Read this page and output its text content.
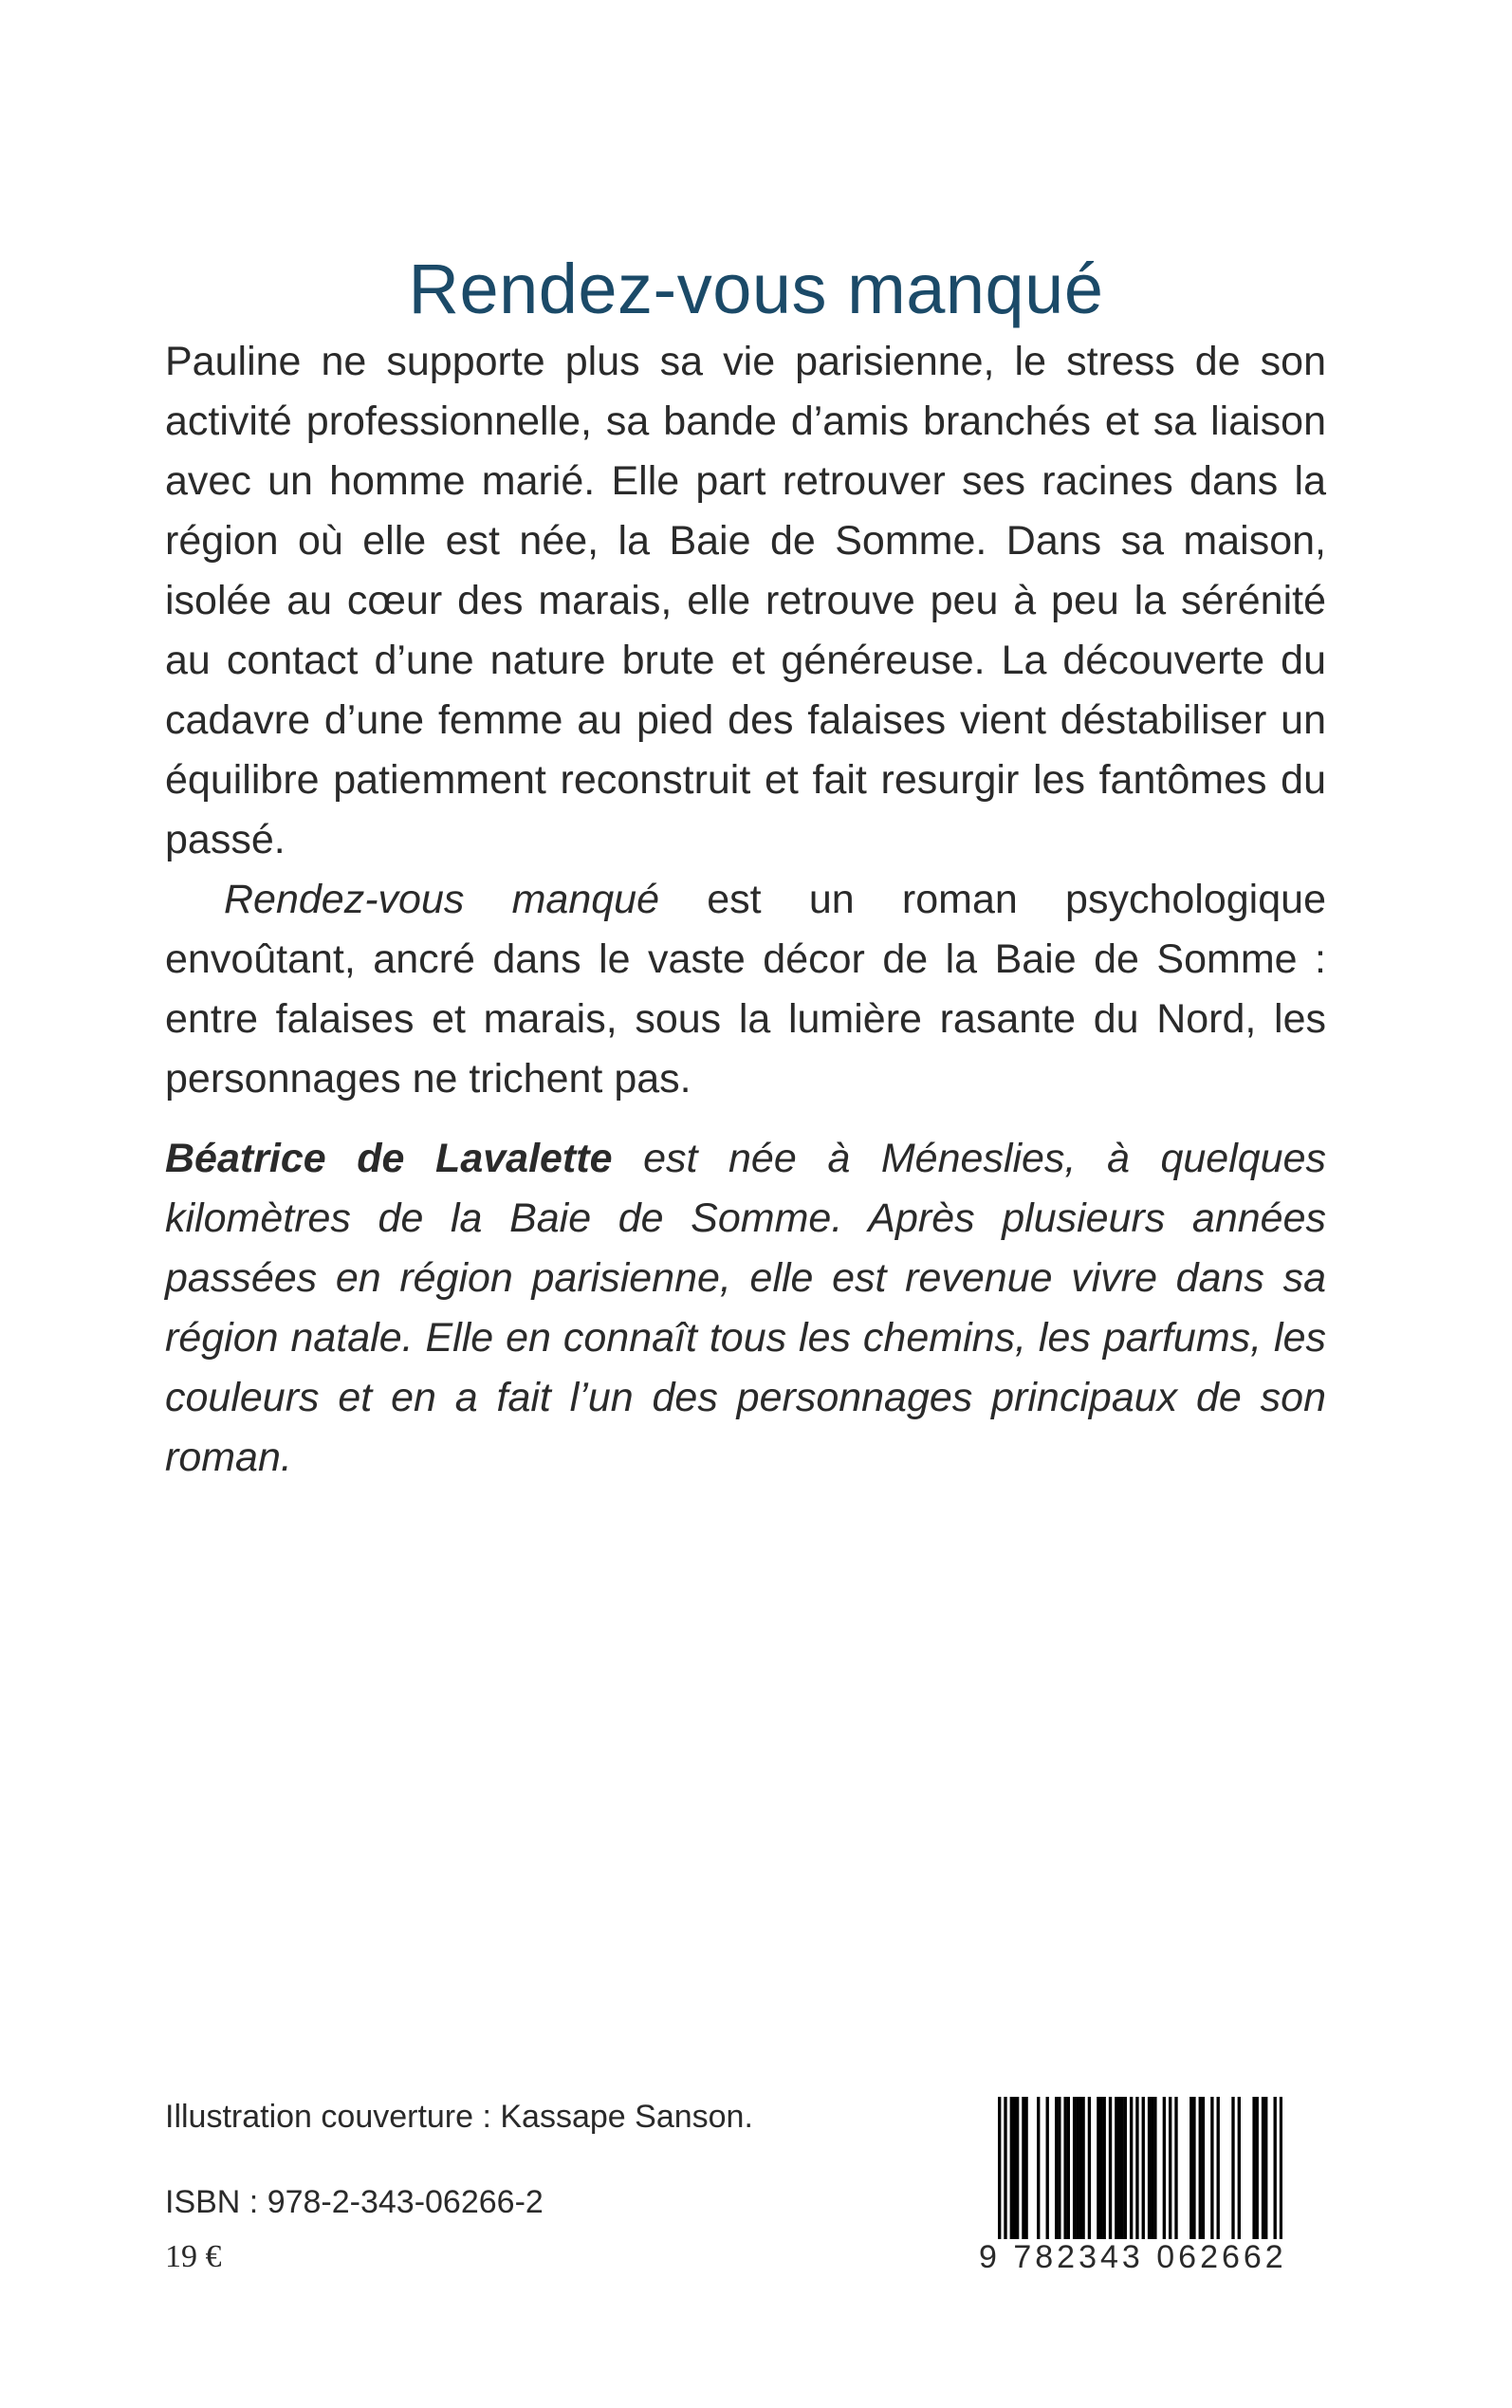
Rendez-vous manqué

Pauline ne supporte plus sa vie parisienne, le stress de son activité professionnelle, sa bande d’amis branchés et sa liaison avec un homme marié. Elle part retrouver ses racines dans la région où elle est née, la Baie de Somme. Dans sa maison, isolée au cœur des marais, elle retrouve peu à peu la sérénité au contact d’une nature brute et généreuse. La découverte du cadavre d’une femme au pied des falaises vient déstabiliser un équilibre patiemment reconstruit et fait resurgir les fantômes du passé.

Rendez-vous manqué est un roman psychologique envoûtant, ancré dans le vaste décor de la Baie de Somme : entre falaises et marais, sous la lumière rasante du Nord, les personnages ne trichent pas.

Béatrice de Lavalette est née à Méneslies, à quelques kilomètres de la Baie de Somme. Après plusieurs années passées en région parisienne, elle est revenue vivre dans sa région natale. Elle en connaît tous les chemins, les parfums, les couleurs et en a fait l’un des personnages principaux de son roman.
Illustration couverture : Kassape Sanson.
ISBN : 978-2-343-06266-2
19 €	9 782343 062662
